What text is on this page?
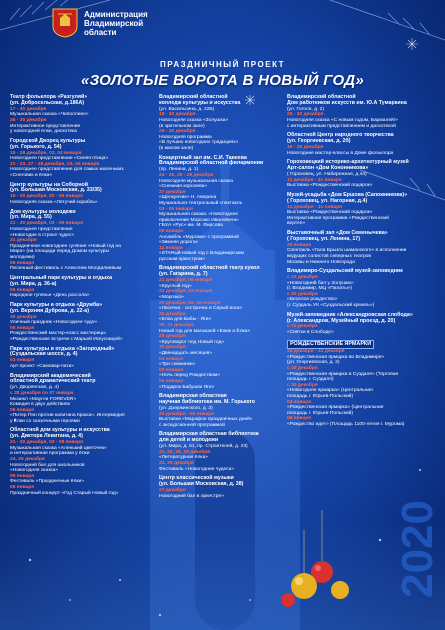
Администрация
Владимирской
области
ПРАЗДНИЧНЫЙ ПРОЕКТ
«ЗОЛОТЫЕ ВОРОТА В НОВЫЙ ГОД»
Театр фольклора «Разгуляй»
(ул. Добросельская, д.186А)
17 - 30 декабря
Музыкальная сказка «Чиполлино»
26 - 30 декабря
Интерактивное представление
у новогодней ёлки, дискотека
Городской Дворец культуры
(ул. Горького, д. 54)
15 - 28 декабря, 03, 04 января
Новогоднее представление «Синяя птица»
21 - 23, 27 - 28 декабря, 03, 04 января
Новогоднее представление для самых маленьких
«Снеговик и ёлка»
Центр культуры на Соборной
(ул. Большая Московская, д. 33/35)
19 - 30 декабря, 02 - 06 января
Новогодняя сказка «Летучий корабль»
Дом культуры молодежи
(ул. Мира, д. 55)
21 - 30 декабря, 03 - 05 января
Новогоднее представление
«Новогодие в строке чудес»
31 декабря
Праздничное новогоднее гуляние «Новый год на
Мира» (на площади перед Домом культуры
молодежи)
06 января
Песенный фестиваль с Алексеем Молдалиевым
Центральный парк культуры и отдыха
(ул. Мира, д. 36-а)
06 января
Народное гулянье «День рассола»
Парк культуры и отдыха «Дружба»
(ул. Верхняя Дуброва, д. 22-а)
30 декабря
Уличный праздник «Новогоднее чудо»
06 января
Рождественский мастер-класс мастерицы
«Рождественские встречи с Марьей Искусницей»
Парк культуры и отдыха «Загородный»
(Суздальская шоссе, д. 4)
03 января
Арт-проект «Самовар-пати»
Владимирский академический
областной драматический театр
(ул. Дворянская, д. 4)
с 28 декабря по 07 января
Мюзикл «Маугли FOREVER»
Комедия в двух действиях
06 января
«Питер Пэн против капитана Крюка». Интермедия
у Ёлки со сказочными героями
Областной дом культуры и искусства
(ул. Диктора Левитана, д. 4)
21 - 30 декабря, 03 - 08 января
Музыкальная сказка «Аленький цветочек»
и интерактивная программа у ёлки
24, 25 декабря
Новогодний бал для школьников
«Новогодняя сказка»
05 января
Фестиваль «Праздничные ёлки»
06 января
Праздничный концерт «Год Старый Новый год»
Владимирский областной
колледж культуры и искусства
(ул. Васильсина, д. 22Б)
18 - 30 декабря
Новогодняя сказка «Золушка»
(в зрительном зале)
25 - 30 декабря
Новогодняя программа
«В лучших новогодних традициях»
(в малом зале)
Концертный зал им. С.И. Танеева
Владимирской областной филармонии
(пр. Ленина, д. 1)
24 - 26, 28 - 29 декабря
Новогодняя музыкальная сказка
«Снежная королева»
27 декабря
«Щелкунчик» Н. Аверина
Музыкально-театральный спектакль
03 - 05 января
Музыкальная сказка: «Новогоднее
приключение Морозко Ивановича»
ГБХА «Рус» им. М. Фирсова
06 января
Ансамбль «Мурома» с программой
«Зимняя дорога»
11 января
«STARый новый год с Владимирским
русским оркестром»
Владимирский областной театр кукол
(ул. Гагарина, д. 7)
21 декабря, 06 января
«Круглый год»
22 декабря, 03 января
«Морозко»
22 декабря, 02, 06 января
«Лисичка - сестричка и Серый волк»
24 декабря
«Елка для Бабы - Яги»
28, 31 декабря
Новый год для малышей «Ежик и Ёлка»
29 декабря
«Круговорот под Новый год»
30 декабря
«Двенадцать месяцев»
04 января
«Три снежинки»
05 января
«Ночь перед Рождеством»
06 января
«Подарок Бабушки Яги»
Владимирская областная
научная библиотека им. М. Горького
(ул. Дзержинского, д. 3)
23 декабря - 05 января
Выставка «Марафон праздничных дней»
с экскурсионной программой
Владимирская областная библиотека
для детей и молодежи
(ул. Мира, д. 51, пр. Строителей, д. 23)
21, 22, 28, 29 декабря
«Литературная ёлка»
24, 25 декабря
Фестиваль «Новогодние чудеса»
Центр классической музыки
(ул. Большая Московская, д. 38)
27 декабря
Новогодний бал в оркестре»
Владимирский областной
Дом работников искусств им. Ю.А Тумаркина
(ул. Гоголя, д. 2)
25 - 30 декабря
Новогодняя сказка «С новым годом, Бармалей!»
с интерактивным представлением и дискотекой
Областной Центр народного творчества
(ул. Георгиевская, д. 2б)
16 - 29 декабря
Новогодние мастер-классы в Доме фольклора
Гороховецкий историко-архитектурный музей
Арт-салон «Дом Кононникова»
( Гороховец, ул. Набережная, д.44)
11 декабря - 31 января
Выставка «Рождественский подарок»
Музей-усадьба «Дом Ершова (Сапожникова)»
( Гороховец, ул. Нагорная, д.4)
13 декабря - 31 января
Выставка «Рождественский подарок»
Интерактивная программа «Рождественский
вертеп»
Выставочный зал «Дом Семенычева»
( Гороховец, ул. Ленина, 17)
26 января
Спектакль «Гала Брызги шаманского» в исполнении
ведущих солистов северных театров
Москвы и Нижнего Новгорода
Владимиро-Суздальский музей-заповедник
с 10 декабря
«Новогодний бал у Золушки»
(г. Владимир, МЦ «Палаты»)
с 20 декабря
«Веселое рождество»
(г. Суздаль УК «Суздальский кремль»)
Музей-заповедник «Александровская слобода»
(г. Александров, Музейный проезд, д. 20)
с 21 декабря
«Святки в Слободе»
РОЖДЕСТВЕНСКИЕ ЯРМАРКИ
25 декабря - 31 декабря
«Рождественская ярмарка во Владимире»
(ул. Георгиевская, д. 2)
с 29 декабря
«Рождественская ярмарка в Суздале» (Торговая
площадь г. Суздаля)
с 30 декабря
«Новогодняя ярмарка» (Центральная
площадь г. Юрьев-Польский)
04 января
«Рождественская ярмарка» (Центральная
площадь г. Юрьев-Польский)
06 января
«Рождество идет» (Площадь 1100-летия г. Мурома)
2020
